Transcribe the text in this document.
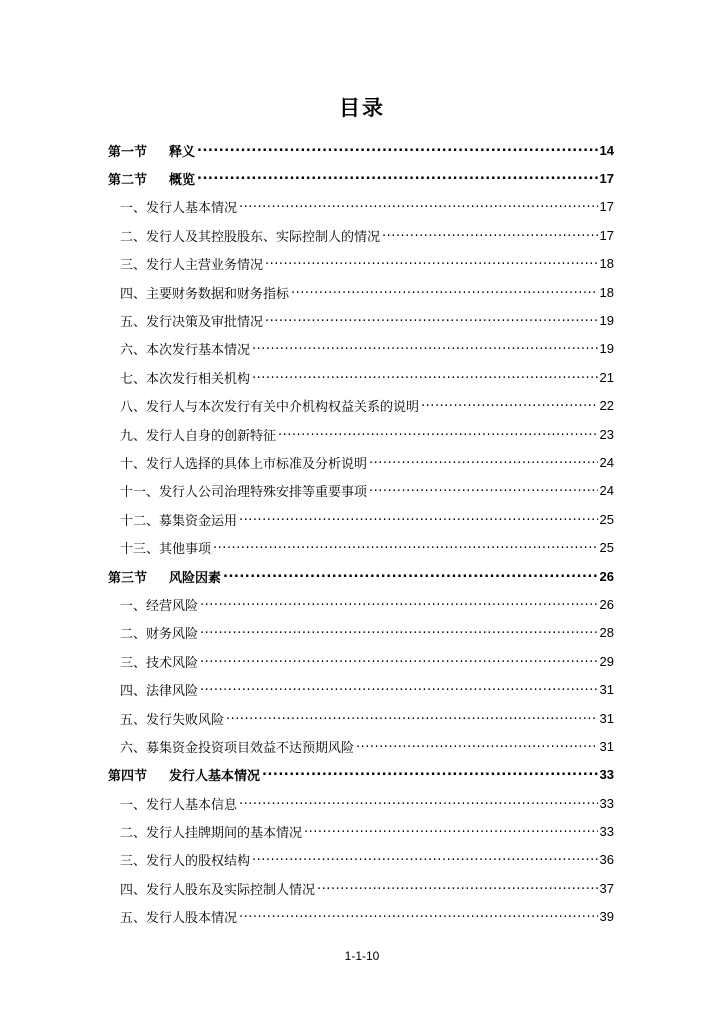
目录
第一节 释义 .....	14
第二节 概览 .....	17
一、发行人基本情况 .....	17
二、发行人及其控股股东、实际控制人的情况 .....	17
三、发行人主营业务情况 .....	18
四、主要财务数据和财务指标 .....	18
五、发行决策及审批情况 .....	19
六、本次发行基本情况 .....	19
七、本次发行相关机构 .....	21
八、发行人与本次发行有关中介机构权益关系的说明 .....	22
九、发行人自身的创新特征 .....	23
十、发行人选择的具体上市标准及分析说明 .....	24
十一、发行人公司治理特殊安排等重要事项 .....	24
十二、募集资金运用 .....	25
十三、其他事项 .....	25
第三节 风险因素 .....	26
一、经营风险 .....	26
二、财务风险 .....	28
三、技术风险 .....	29
四、法律风险 .....	31
五、发行失败风险 .....	31
六、募集资金投资项目效益不达预期风险 .....	31
第四节 发行人基本情况 .....	33
一、发行人基本信息 .....	33
二、发行人挂牌期间的基本情况 .....	33
三、发行人的股权结构 .....	36
四、发行人股东及实际控制人情况 .....	37
五、发行人股本情况 .....	39
1-1-10
